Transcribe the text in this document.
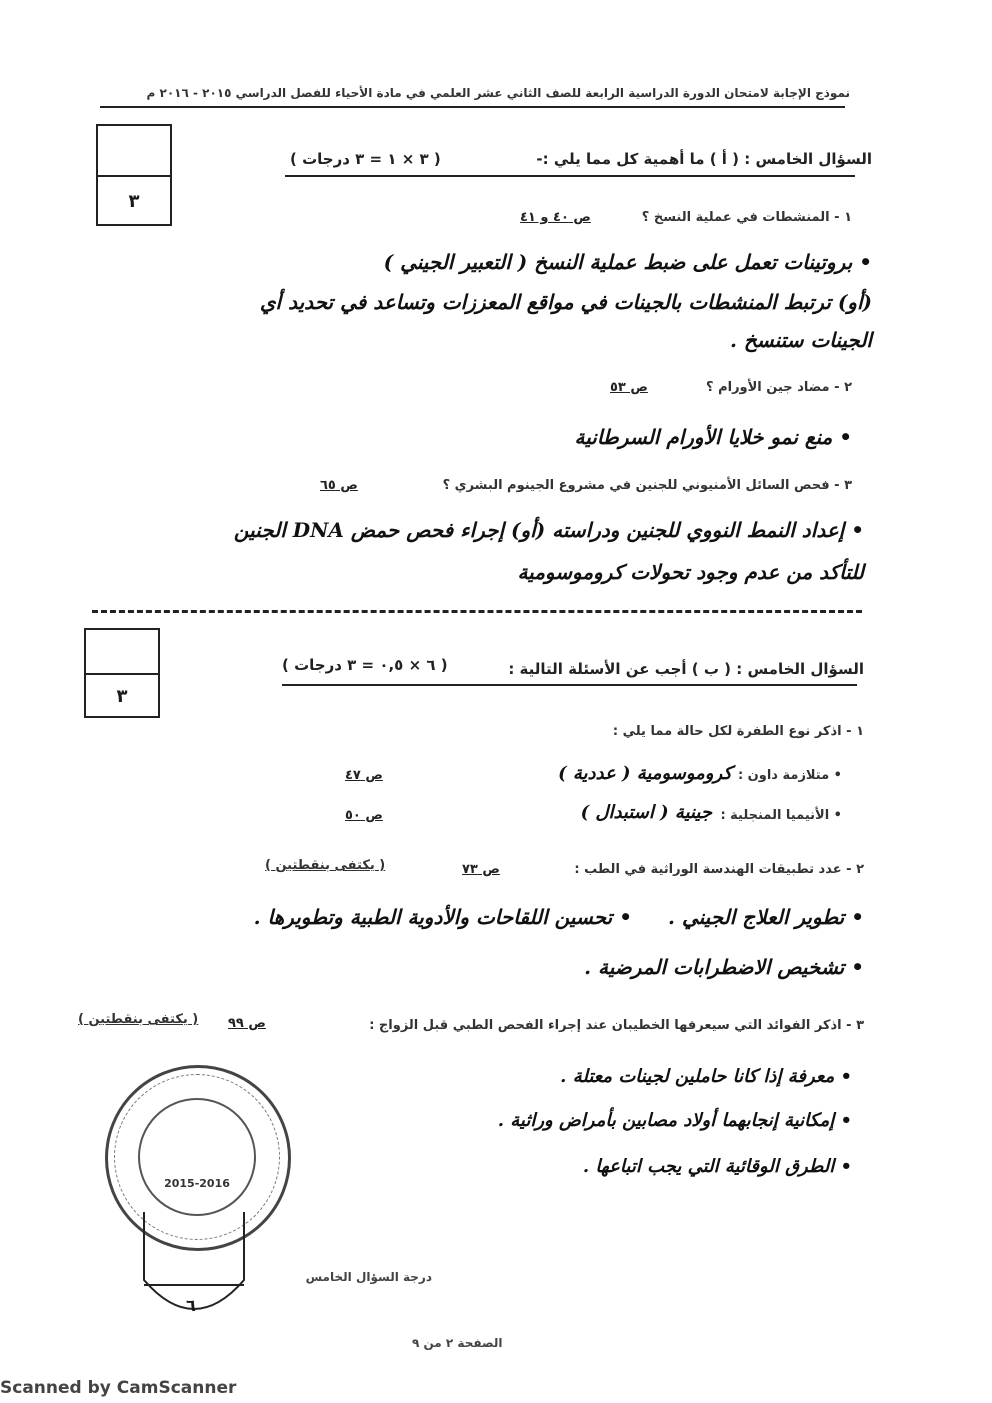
نموذج الإجابة لامتحان الدورة الدراسية الرابعة للصف الثاني عشر العلمي في مادة الأحياء للفصل الدراسي ٢٠١٥ - ٢٠١٦ م
٣
السؤال الخامس : ( أ ) ما أهمية كل مما يلي :-
( ٣ × ١ = ٣ درجات )
١ - المنشطات في عملية النسخ ؟
ص ٤٠ و ٤١
• بروتينات تعمل على ضبط عملية النسخ ( التعبير الجيني )
(أو) ترتبط المنشطات بالجينات في مواقع المعززات وتساعد في تحديد أي
الجينات ستنسخ .
٢ - مضاد جين الأورام ؟
ص ٥٣
• منع نمو خلايا الأورام السرطانية
٣ - فحص السائل الأمنيوني للجنين في مشروع الجينوم البشري ؟
ص ٦٥
• إعداد النمط النووي للجنين ودراسته (أو) إجراء فحص حمض DNA الجنين
للتأكد من عدم وجود تحولات كروموسومية
٣
السؤال الخامس : ( ب ) أجب عن الأسئلة التالية :
( ٦ × ٠,٥ = ٣ درجات )
١ - اذكر نوع الطفرة لكل حالة مما يلي :
• متلازمة داون :
كروموسومية ( عددية )
ص ٤٧
• الأنيميا المنجلية :
جينية ( استبدال )
ص ٥٠
٢ - عدد تطبيقات الهندسة الوراثية في الطب :
ص ٧٣
( يكتفى بنقطتين )
• تطوير العلاج الجيني .
• تحسين اللقاحات والأدوية الطبية وتطويرها .
• تشخيص الاضطرابات المرضية .
٣ - اذكر الفوائد التي سيعرفها الخطيبان عند إجراء الفحص الطبي قبل الزواج :
ص ٩٩
( يكتفى بنقطتين )
• معرفة إذا كانا حاملين لجينات معتلة .
• إمكانية إنجابهما أولاد مصابين بأمراض وراثية .
• الطرق الوقائية التي يجب اتباعها .
2015-2016
٦
درجة السؤال الخامس
الصفحة ٢ من ٩
Scanned by CamScanner
